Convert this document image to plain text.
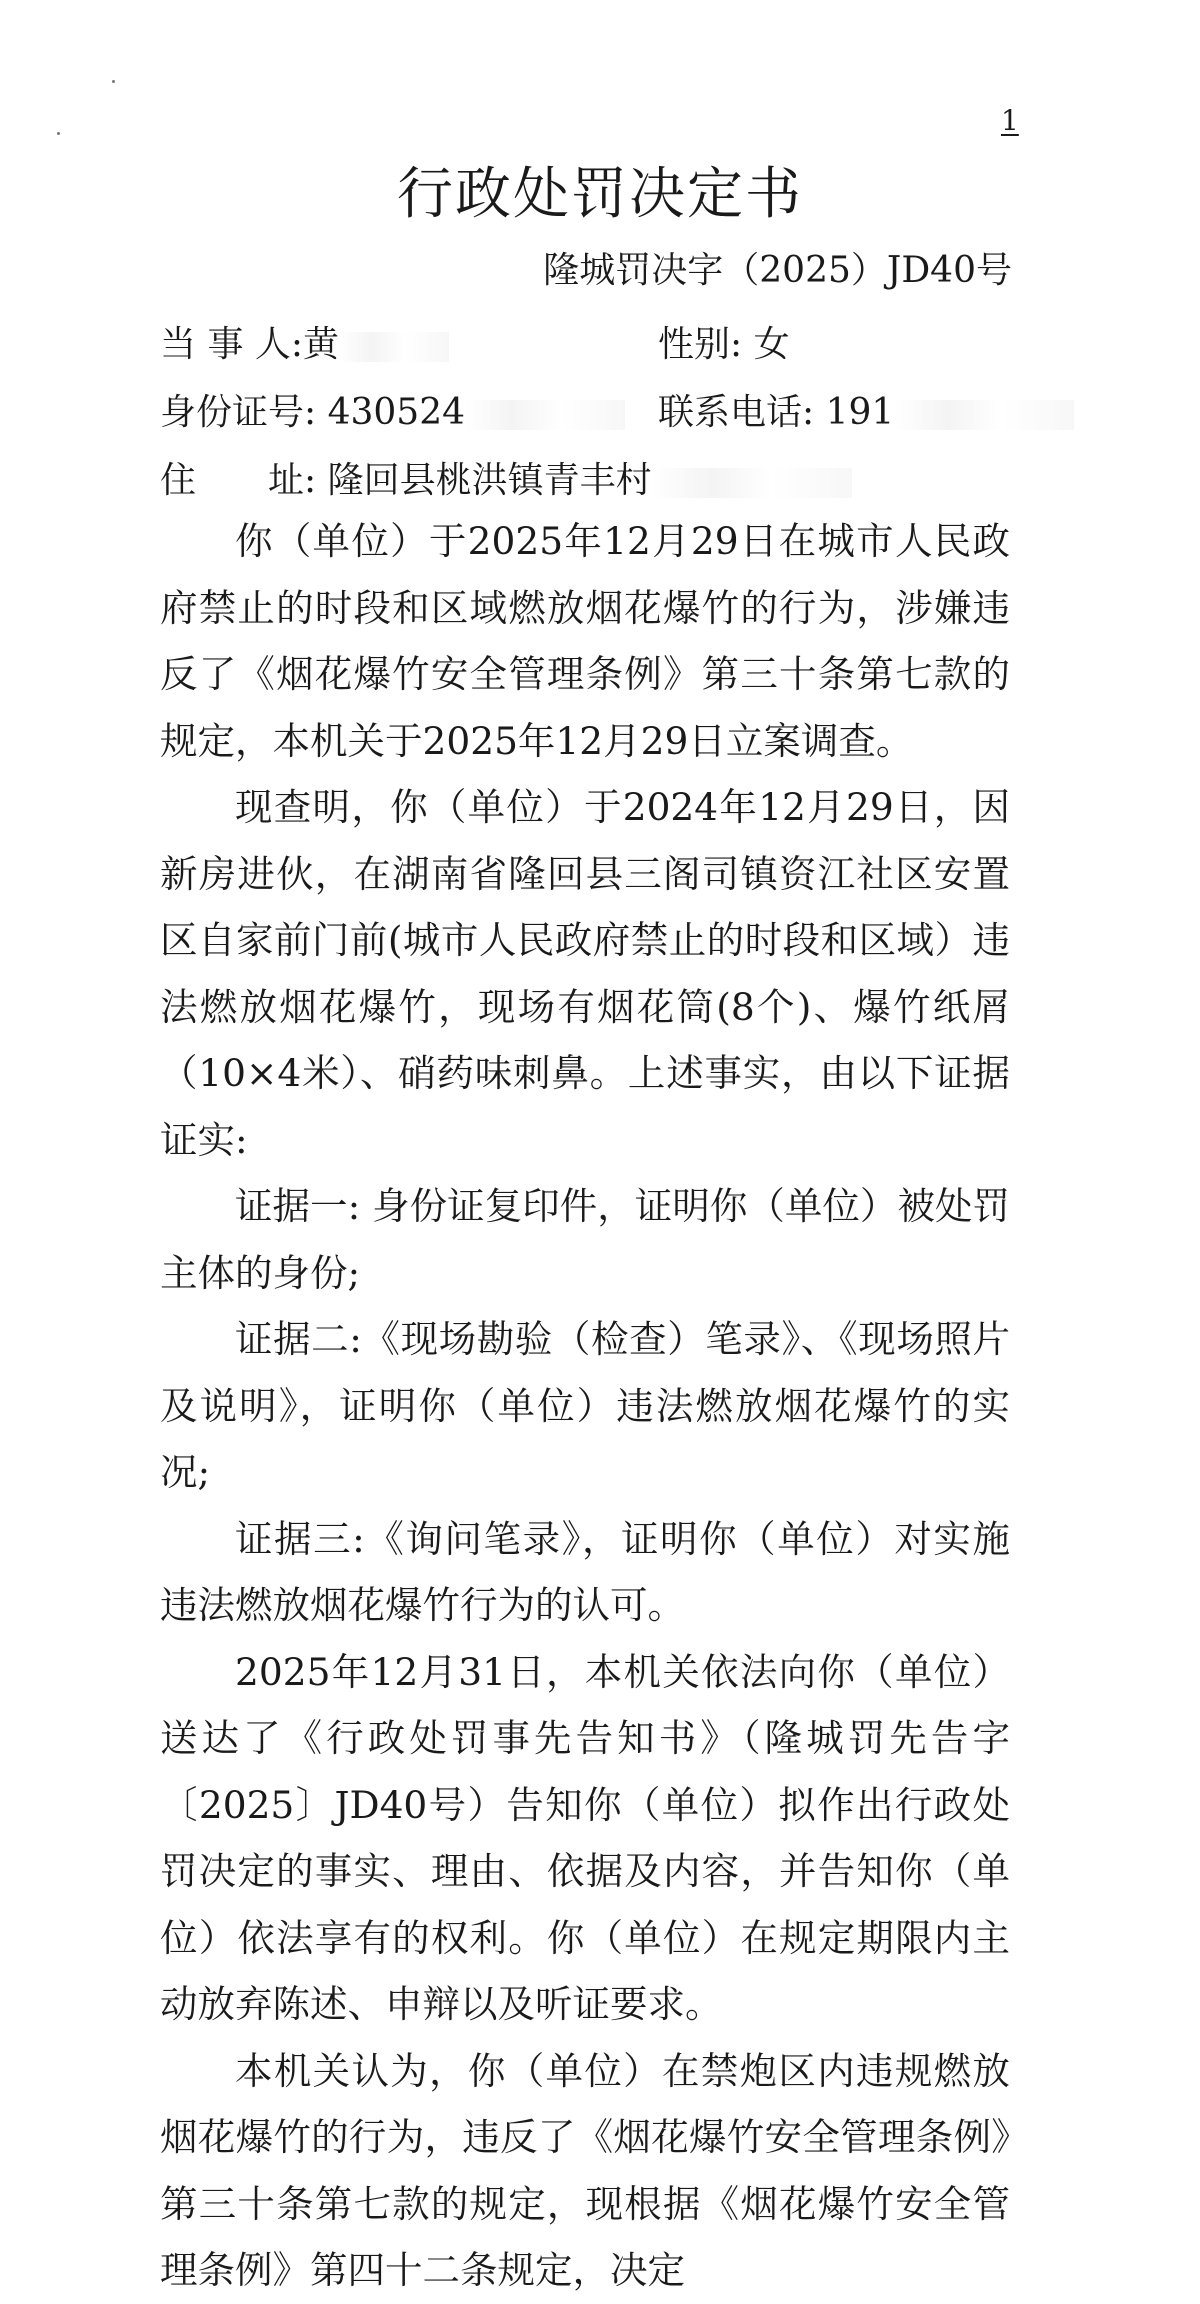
1
行政处罚决定书
隆城罚决字（2025）JD40号
当 事 人:黄	性别: 女
身份证号: 430524	联系电话: 191
住　　址: 隆回县桃洪镇青丰村

你（单位）于2025年12月29日在城市人民政府禁止的时段和区域燃放烟花爆竹的行为，涉嫌违反了《烟花爆竹安全管理条例》第三十条第七款的规定，本机关于2025年12月29日立案调查。

现查明，你（单位）于2024年12月29日，因新房进伙，在湖南省隆回县三阁司镇资江社区安置区自家前门前(城市人民政府禁止的时段和区域）违法燃放烟花爆竹，现场有烟花筒(8个)、爆竹纸屑（10×4米）、硝药味刺鼻。上述事实，由以下证据证实:

证据一: 身份证复印件，证明你（单位）被处罚主体的身份;

证据二:《现场勘验（检查）笔录》、《现场照片及说明》，证明你（单位）违法燃放烟花爆竹的实况;

证据三:《询问笔录》，证明你（单位）对实施违法燃放烟花爆竹行为的认可。

2025年12月31日，本机关依法向你（单位）送达了《行政处罚事先告知书》（隆城罚先告字〔2025〕JD40号）告知你（单位）拟作出行政处罚决定的事实、理由、依据及内容，并告知你（单位）依法享有的权利。你（单位）在规定期限内主动放弃陈述、申辩以及听证要求。

本机关认为，你（单位）在禁炮区内违规燃放烟花爆竹的行为，违反了《烟花爆竹安全管理条例》第三十条第七款的规定，现根据《烟花爆竹安全管理条例》第四十二条规定，决定
